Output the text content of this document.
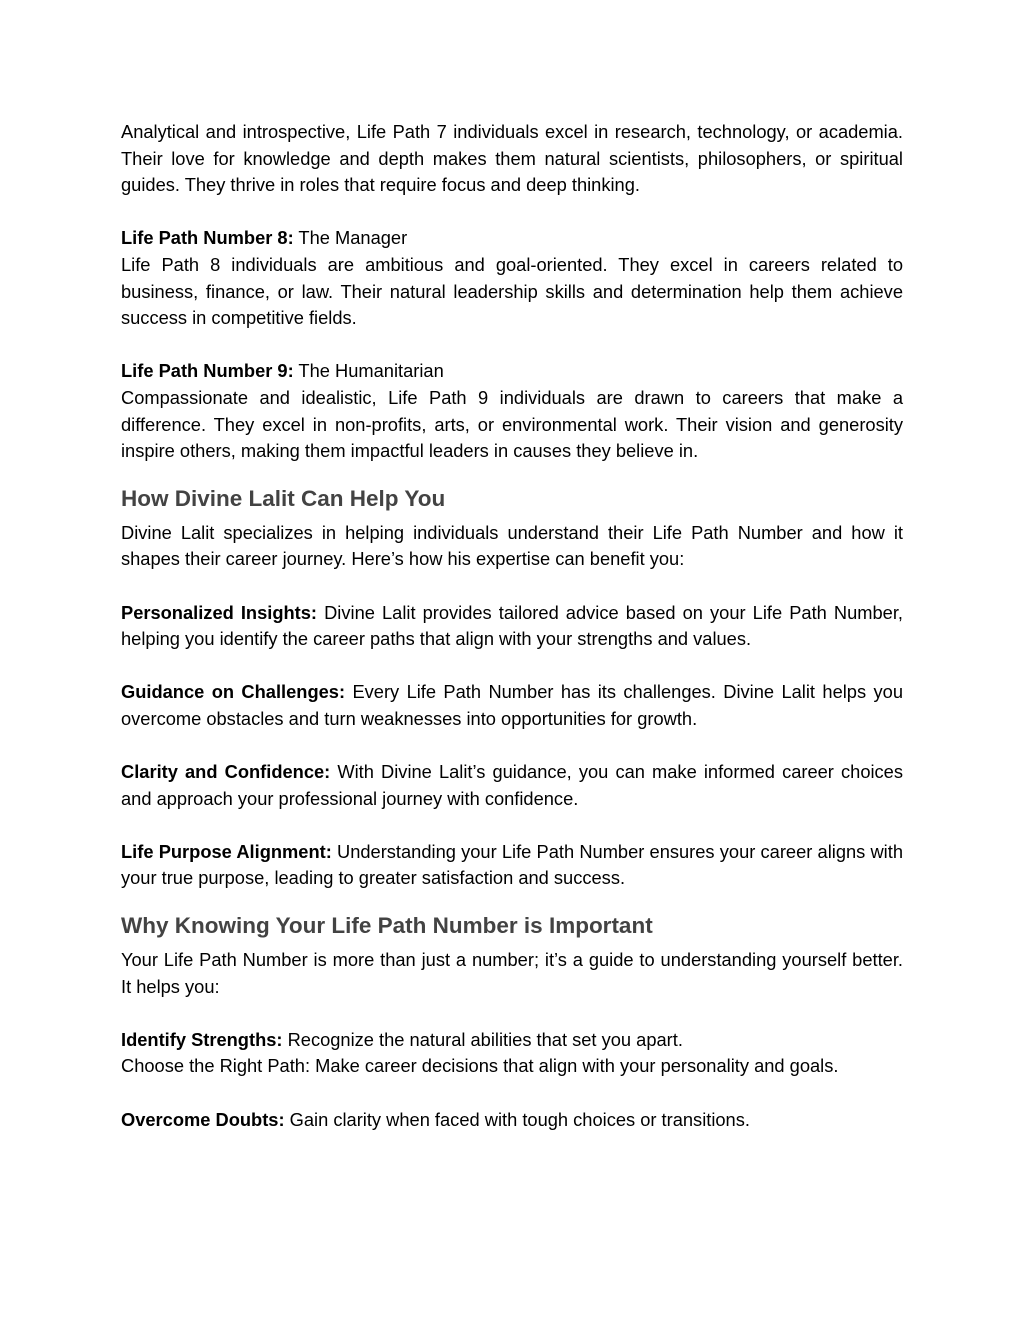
Analytical and introspective, Life Path 7 individuals excel in research, technology, or academia. Their love for knowledge and depth makes them natural scientists, philosophers, or spiritual guides. They thrive in roles that require focus and deep thinking.

Life Path Number 8: The Manager

Life Path 8 individuals are ambitious and goal-oriented. They excel in careers related to business, finance, or law. Their natural leadership skills and determination help them achieve success in competitive fields.

Life Path Number 9: The Humanitarian

Compassionate and idealistic, Life Path 9 individuals are drawn to careers that make a difference. They excel in non-profits, arts, or environmental work. Their vision and generosity inspire others, making them impactful leaders in causes they believe in.

How Divine Lalit Can Help You

Divine Lalit specializes in helping individuals understand their Life Path Number and how it shapes their career journey. Here’s how his expertise can benefit you:

Personalized Insights: Divine Lalit provides tailored advice based on your Life Path Number, helping you identify the career paths that align with your strengths and values.

Guidance on Challenges: Every Life Path Number has its challenges. Divine Lalit helps you overcome obstacles and turn weaknesses into opportunities for growth.

Clarity and Confidence: With Divine Lalit’s guidance, you can make informed career choices and approach your professional journey with confidence.

Life Purpose Alignment: Understanding your Life Path Number ensures your career aligns with your true purpose, leading to greater satisfaction and success.

Why Knowing Your Life Path Number is Important

Your Life Path Number is more than just a number; it’s a guide to understanding yourself better. It helps you:

Identify Strengths: Recognize the natural abilities that set you apart.

Choose the Right Path: Make career decisions that align with your personality and goals.

Overcome Doubts: Gain clarity when faced with tough choices or transitions.
